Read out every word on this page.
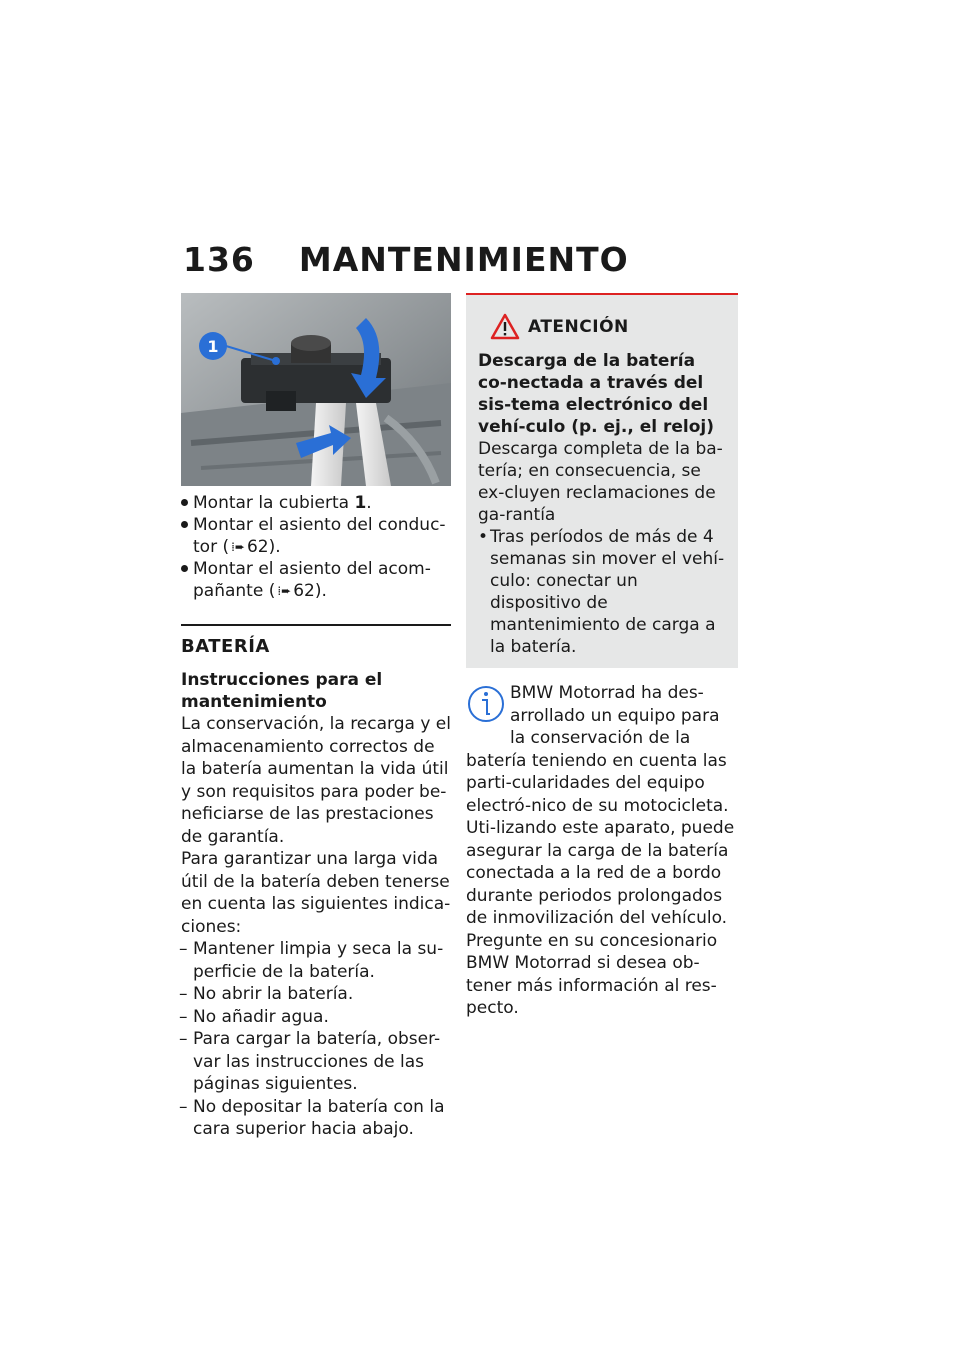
136 MANTENIMIENTO
1
Montar la cubierta 1.
Montar el asiento del conduc-tor ( ⁞➨ 62).
Montar el asiento del acom-pañante ( ⁞➨ 62).
BATERÍA

Instrucciones para el mantenimiento

La conservación, la recarga y el almacenamiento correctos de la batería aumentan la vida útil y son requisitos para poder be-neficiarse de las prestaciones de garantía.

Para garantizar una larga vida útil de la batería deben tenerse en cuenta las siguientes indica-ciones:

– Mantener limpia y seca la su-perficie de la batería.
– No abrir la batería.
– No añadir agua.
– Para cargar la batería, obser-var las instrucciones de las páginas siguientes.
– No depositar la batería con la cara superior hacia abajo.
ATENCIÓN

Descarga de la batería co-nectada a través del sis-tema electrónico del vehí-culo (p. ej., el reloj)

Descarga completa de la ba-tería; en consecuencia, se ex-cluyen reclamaciones de ga-rantía

• Tras períodos de más de 4 semanas sin mover el vehí-culo: conectar un dispositivo de mantenimiento de carga a la batería.
BMW Motorrad ha des-arrollado un equipo para la conservación de la batería teniendo en cuenta las parti-cularidades del equipo electró-nico de su motocicleta. Uti-lizando este aparato, puede asegurar la carga de la batería conectada a la red de a bordo durante periodos prolongados de inmovilización del vehículo. Pregunte en su concesionario BMW Motorrad si desea ob-tener más información al res-pecto.
